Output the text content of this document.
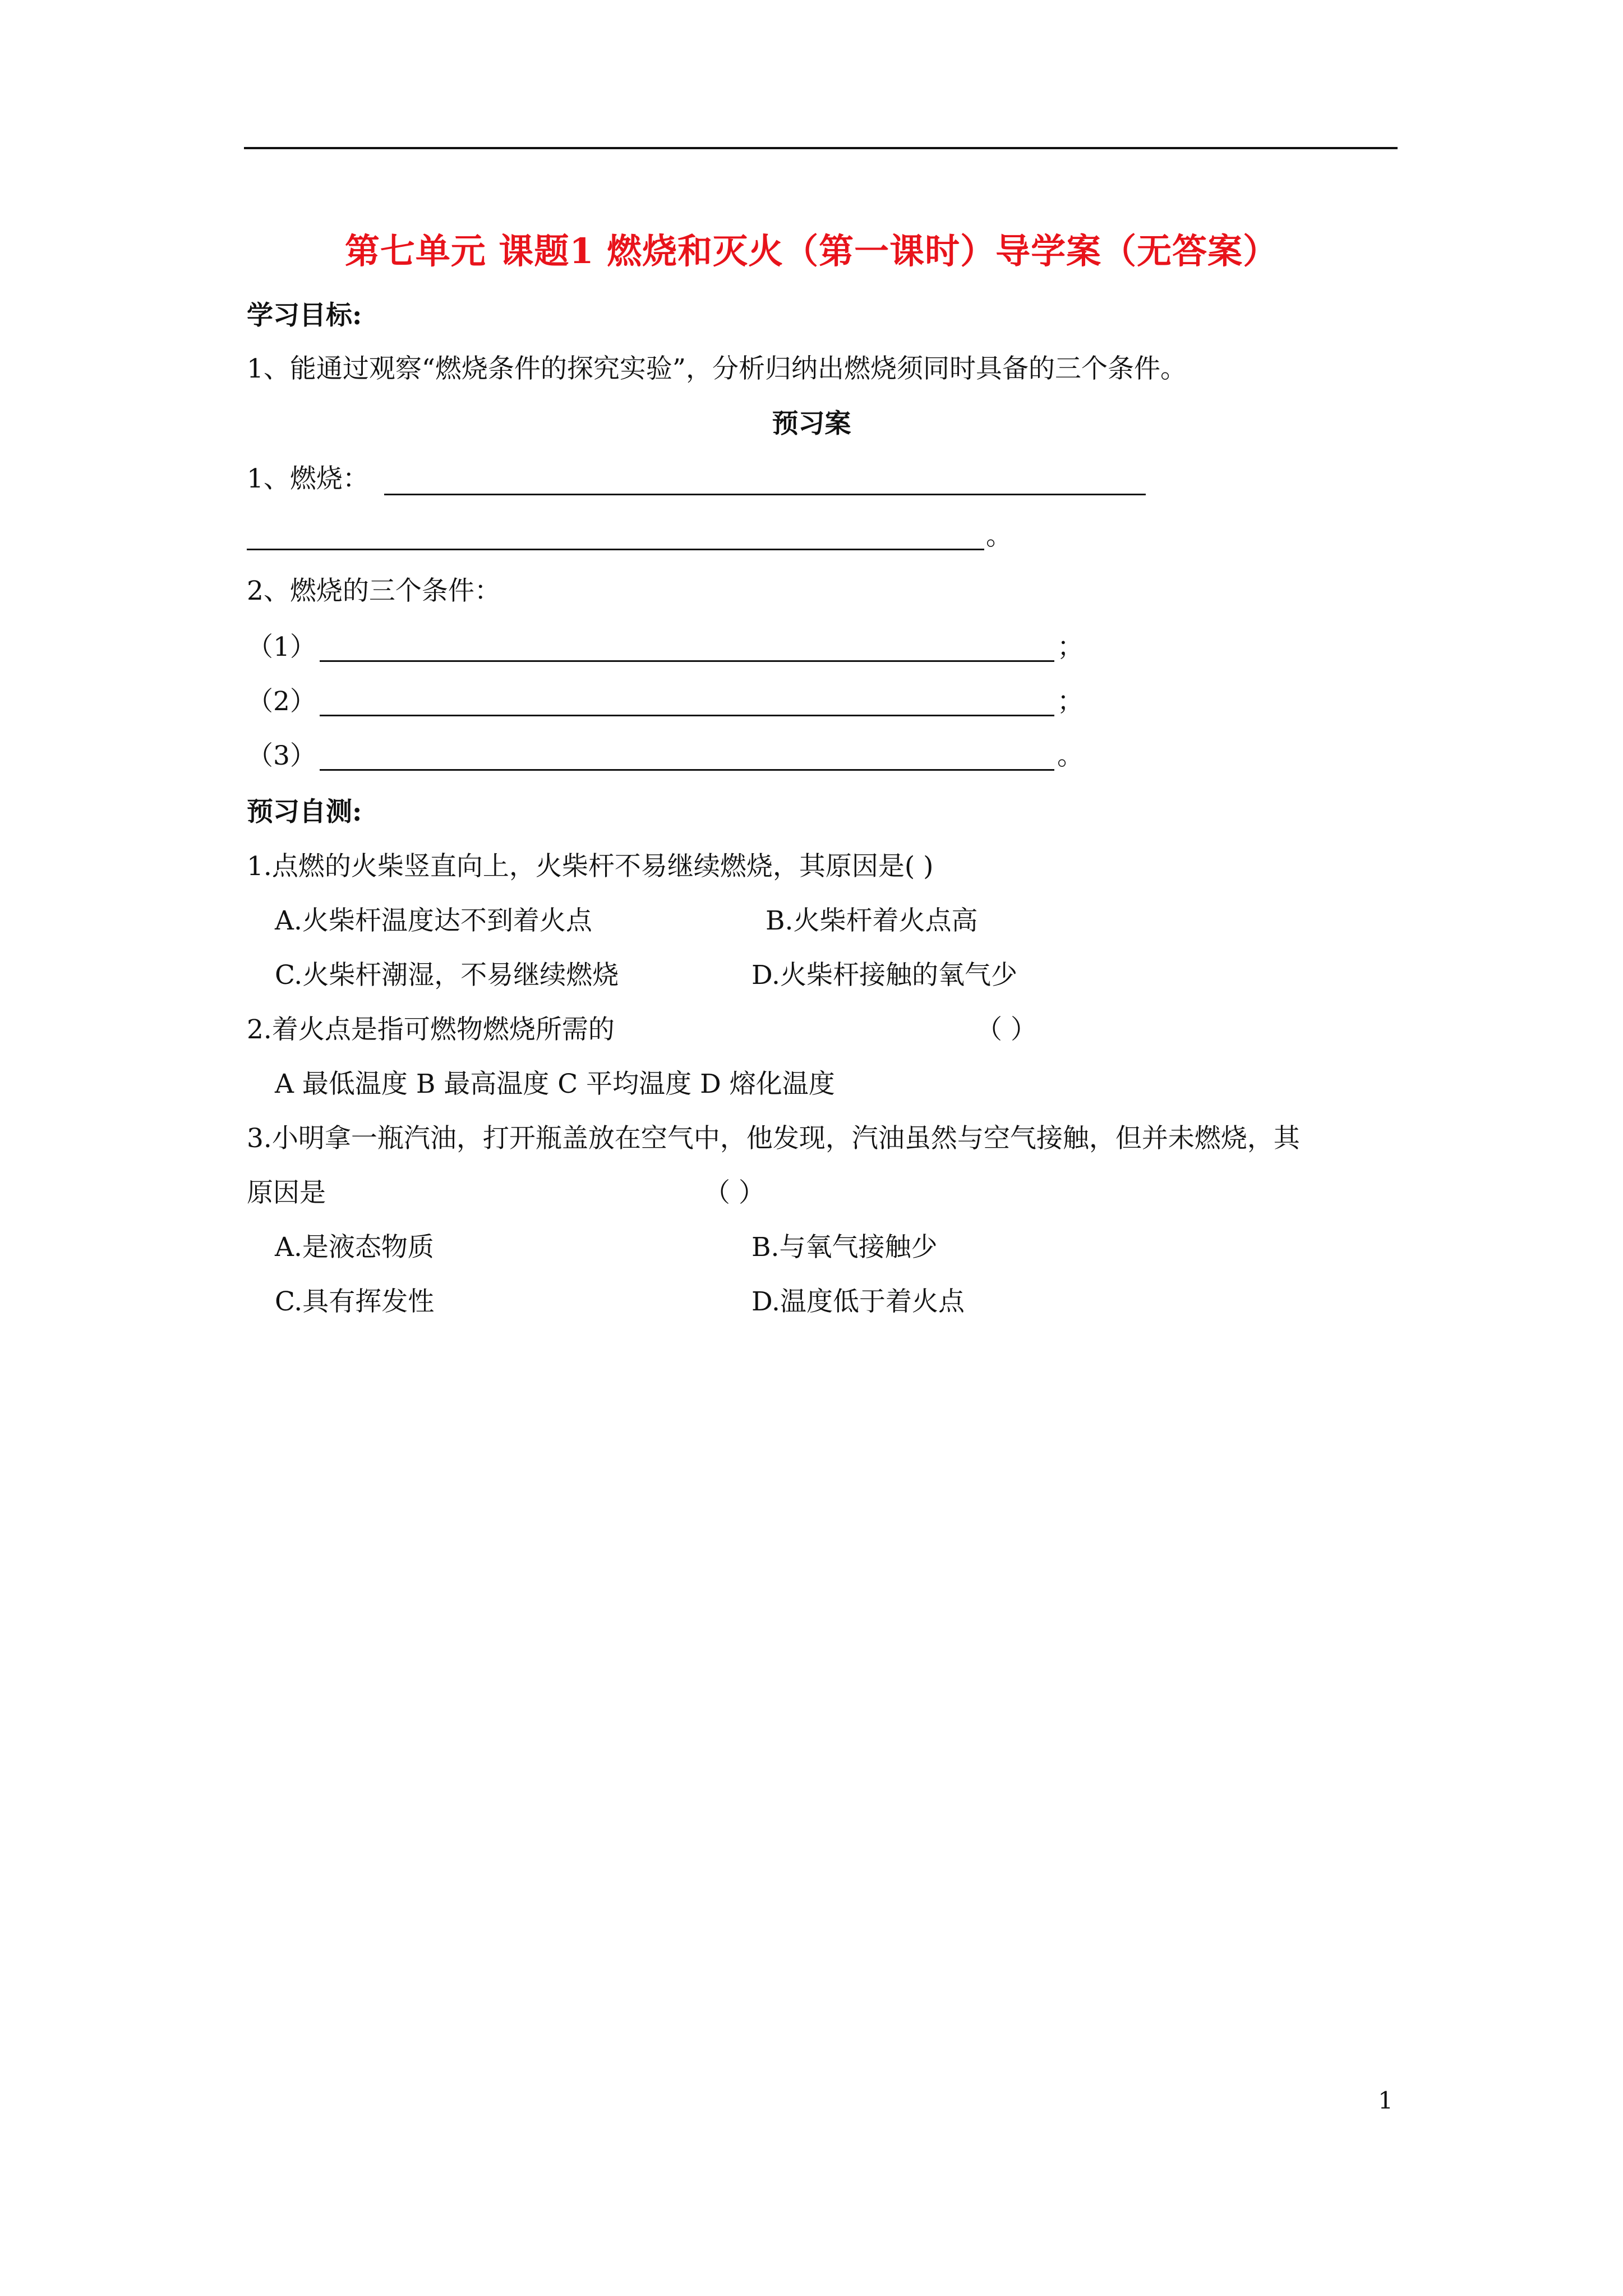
第七单元 课题1 燃烧和灭火（第一课时）导学案（无答案）
学习目标:
1、能通过观察“燃烧条件的探究实验”，分析归纳出燃烧须同时具备的三个条件。
预习案
1、燃烧：
。
2、燃烧的三个条件：
（1）	；
（2）	；
（3）	。
预习自测:
1.点燃的火柴竖直向上，火柴杆不易继续燃烧，其原因是( )
A.火柴杆温度达不到着火点	B.火柴杆着火点高
C.火柴杆潮湿，不易继续燃烧	D.火柴杆接触的氧气少
2.着火点是指可燃物燃烧所需的	（ ）
A 最低温度 B 最高温度 C 平均温度 D 熔化温度
3.小明拿一瓶汽油，打开瓶盖放在空气中，他发现，汽油虽然与空气接触，但并未燃烧，其
原因是	（ ）
A.是液态物质	B.与氧气接触少
C.具有挥发性	D.温度低于着火点
1
